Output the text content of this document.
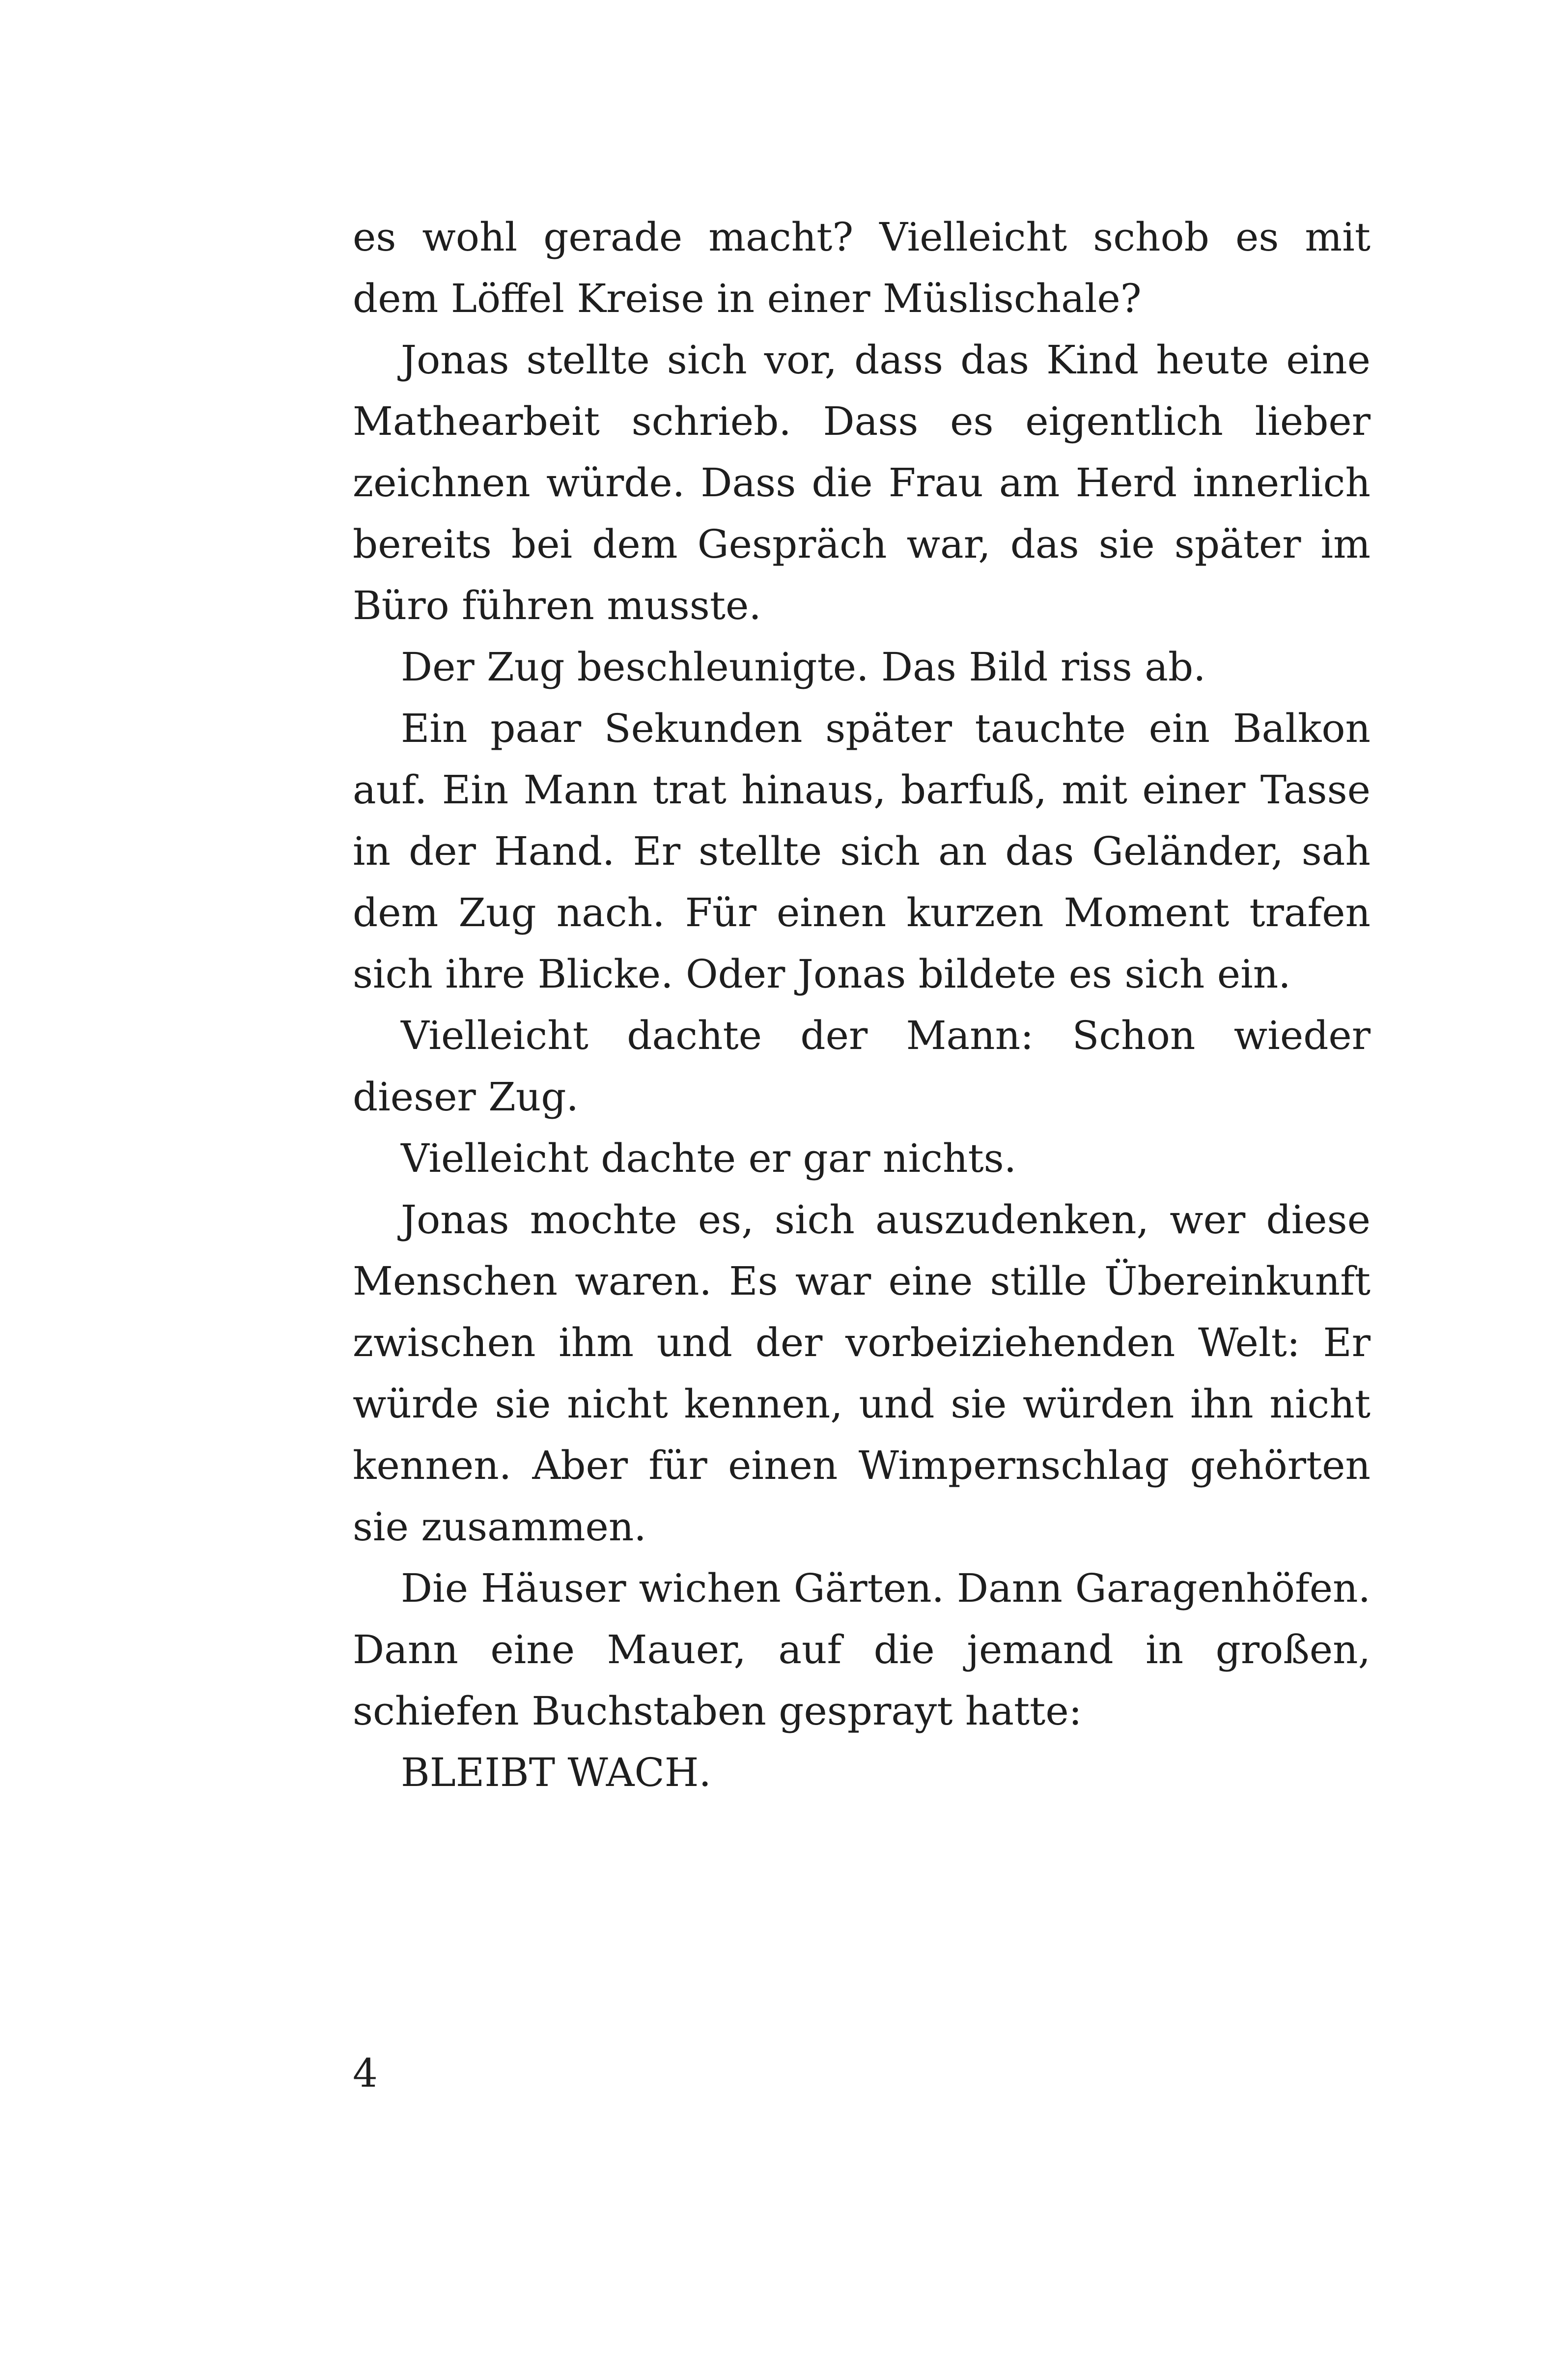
es wohl gerade macht? Vielleicht schob es mit dem Löffel Kreise in einer Müslischale?

Jonas stellte sich vor, dass das Kind heute eine Mathearbeit schrieb. Dass es eigentlich lieber zeichnen würde. Dass die Frau am Herd innerlich bereits bei dem Gespräch war, das sie später im Büro führen musste.

Der Zug beschleunigte. Das Bild riss ab.

Ein paar Sekunden später tauchte ein Balkon auf. Ein Mann trat hinaus, barfuß, mit einer Tasse in der Hand. Er stellte sich an das Geländer, sah dem Zug nach. Für einen kurzen Moment trafen sich ihre Blicke. Oder Jonas bildete es sich ein.

Vielleicht dachte der Mann: Schon wieder dieser Zug.

Vielleicht dachte er gar nichts.

Jonas mochte es, sich auszudenken, wer diese Menschen waren. Es war eine stille Übereinkunft zwischen ihm und der vorbeiziehenden Welt: Er würde sie nicht kennen, und sie würden ihn nicht kennen. Aber für einen Wimpernschlag gehörten sie zusammen.

Die Häuser wichen Gärten. Dann Garagenhöfen. Dann eine Mauer, auf die jemand in großen, schiefen Buchstaben gesprayt hatte:

BLEIBT WACH.

4
